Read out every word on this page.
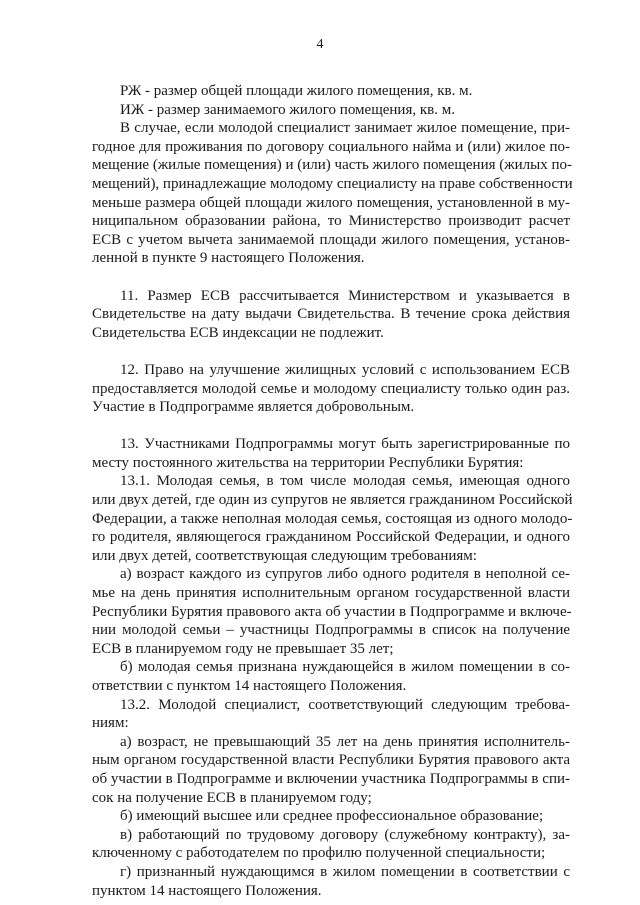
4
РЖ - размер общей площади жилого помещения, кв. м.
ИЖ - размер занимаемого жилого помещения, кв. м.
В случае, если молодой специалист занимает жилое помещение, при-
годное для проживания по договору социального найма и (или) жилое по-
мещение (жилые помещения) и (или) часть жилого помещения (жилых по-
мещений), принадлежащие молодому специалисту на праве собственности
меньше размера общей площади жилого помещения, установленной в му-
ниципальном образовании района, то Министерство производит расчет
ЕСВ с учетом вычета занимаемой площади жилого помещения, установ-
ленной в пункте 9 настоящего Положения.
11. Размер ЕСВ рассчитывается Министерством и указывается в
Свидетельстве на дату выдачи Свидетельства. В течение срока действия
Свидетельства ЕСВ индексации не подлежит.
12. Право на улучшение жилищных условий с использованием ЕСВ
предоставляется молодой семье и молодому специалисту только один раз.
Участие в Подпрограмме является добровольным.
13. Участниками Подпрограммы могут быть зарегистрированные по
месту постоянного жительства на территории Республики Бурятия:
13.1. Молодая семья, в том числе молодая семья, имеющая одного
или двух детей, где один из супругов не является гражданином Российской
Федерации, а также неполная молодая семья, состоящая из одного молодо-
го родителя, являющегося гражданином Российской Федерации, и одного
или двух детей, соответствующая следующим требованиям:
а) возраст каждого из супругов либо одного родителя в неполной се-
мье на день принятия исполнительным органом государственной власти
Республики Бурятия правового акта об участии в Подпрограмме и включе-
нии молодой семьи – участницы Подпрограммы в список на получение
ЕСВ в планируемом году не превышает 35 лет;
б) молодая семья признана нуждающейся в жилом помещении в со-
ответствии с пунктом 14 настоящего Положения.
13.2. Молодой специалист, соответствующий следующим требова-
ниям:
а) возраст, не превышающий 35 лет на день принятия исполнитель-
ным органом государственной власти Республики Бурятия правового акта
об участии в Подпрограмме и включении участника Подпрограммы в спи-
сок на получение ЕСВ в планируемом году;
б) имеющий высшее или среднее профессиональное образование;
в) работающий по трудовому договору (служебному контракту), за-
ключенному с работодателем по профилю полученной специальности;
г) признанный нуждающимся в жилом помещении в соответствии с
пунктом 14 настоящего Положения.
